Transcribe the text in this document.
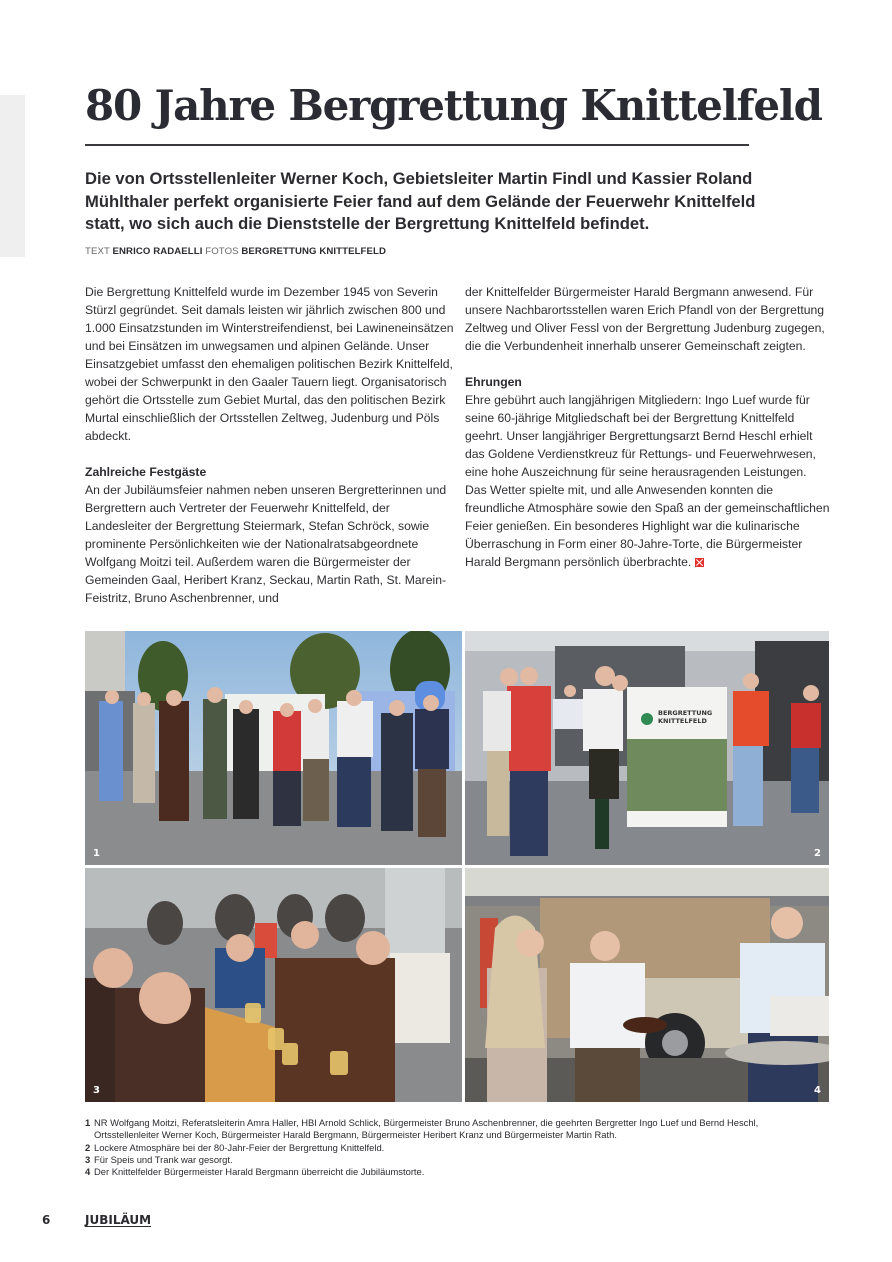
80 Jahre Bergrettung Knittelfeld

Die von Ortsstellenleiter Werner Koch, Gebietsleiter Martin Findl und Kassier Roland Mühlthaler perfekt organisierte Feier fand auf dem Gelände der Feuerwehr Knittelfeld statt, wo sich auch die Dienststelle der Bergrettung Knittelfeld befindet.

TEXT ENRICO RADAELLI FOTOS BERGRETTUNG KNITTELFELD

Die Bergrettung Knittelfeld wurde im Dezember 1945 von Severin Stürzl gegründet. Seit damals leisten wir jährlich zwischen 800 und 1.000 Einsatzstunden im Winterstreifendienst, bei Lawineneinsätzen und bei Einsätzen im unwegsamen und alpinen Gelände. Unser Einsatzgebiet umfasst den ehemaligen politischen Bezirk Knittelfeld, wobei der Schwerpunkt in den Gaaler Tauern liegt. Organisatorisch gehört die Ortsstelle zum Gebiet Murtal, das den politischen Bezirk Murtal einschließlich der Ortsstellen Zeltweg, Judenburg und Pöls abdeckt.

Zahlreiche Festgäste

An der Jubiläumsfeier nahmen neben unseren Bergretterinnen und Bergrettern auch Vertreter der Feuerwehr Knittelfeld, der Landesleiter der Bergrettung Steiermark, Stefan Schröck, sowie prominente Persönlichkeiten wie der Nationalratsabgeordnete Wolfgang Moitzi teil. Außerdem waren die Bürgermeister der Gemeinden Gaal, Heribert Kranz, Seckau, Martin Rath, St. Marein-Feistritz, Bruno Aschenbrenner, und

der Knittelfelder Bürgermeister Harald Bergmann anwesend. Für unsere Nachbarortsstellen waren Erich Pfandl von der Bergrettung Zeltweg und Oliver Fessl von der Bergrettung Judenburg zugegen, die die Verbundenheit innerhalb unserer Gemeinschaft zeigten.

Ehrungen

Ehre gebührt auch langjährigen Mitgliedern: Ingo Luef wurde für seine 60-jährige Mitgliedschaft bei der Bergrettung Knittelfeld geehrt. Unser langjähriger Bergrettungsarzt Bernd Heschl erhielt das Goldene Verdienstkreuz für Rettungs- und Feuerwehrwesen, eine hohe Auszeichnung für seine herausragenden Leistungen.

Das Wetter spielte mit, und alle Anwesenden konnten die freundliche Atmosphäre sowie den Spaß an der gemeinschaftlichen Feier genießen. Ein besonderes Highlight war die kulinarische Überraschung in Form einer 80-Jahre-Torte, die Bürgermeister Harald Bergmann persönlich überbrachte.

1
BERGRETTUNG KNITTELFELD
2
3	4

1 NR Wolfgang Moitzi, Referatsleiterin Amra Haller, HBI Arnold Schlick, Bürgermeister Bruno Aschenbrenner, die geehrten Bergretter Ingo Luef und Bernd Heschl, Ortsstellenleiter Werner Koch, Bürgermeister Harald Bergmann, Bürgermeister Heribert Kranz und Bürgermeister Martin Rath.

2 Lockere Atmosphäre bei der 80-Jahr-Feier der Bergrettung Knittelfeld.

3 Für Speis und Trank war gesorgt.

4 Der Knittelfelder Bürgermeister Harald Bergmann überreicht die Jubiläumstorte.

6	JUBILÄUM
